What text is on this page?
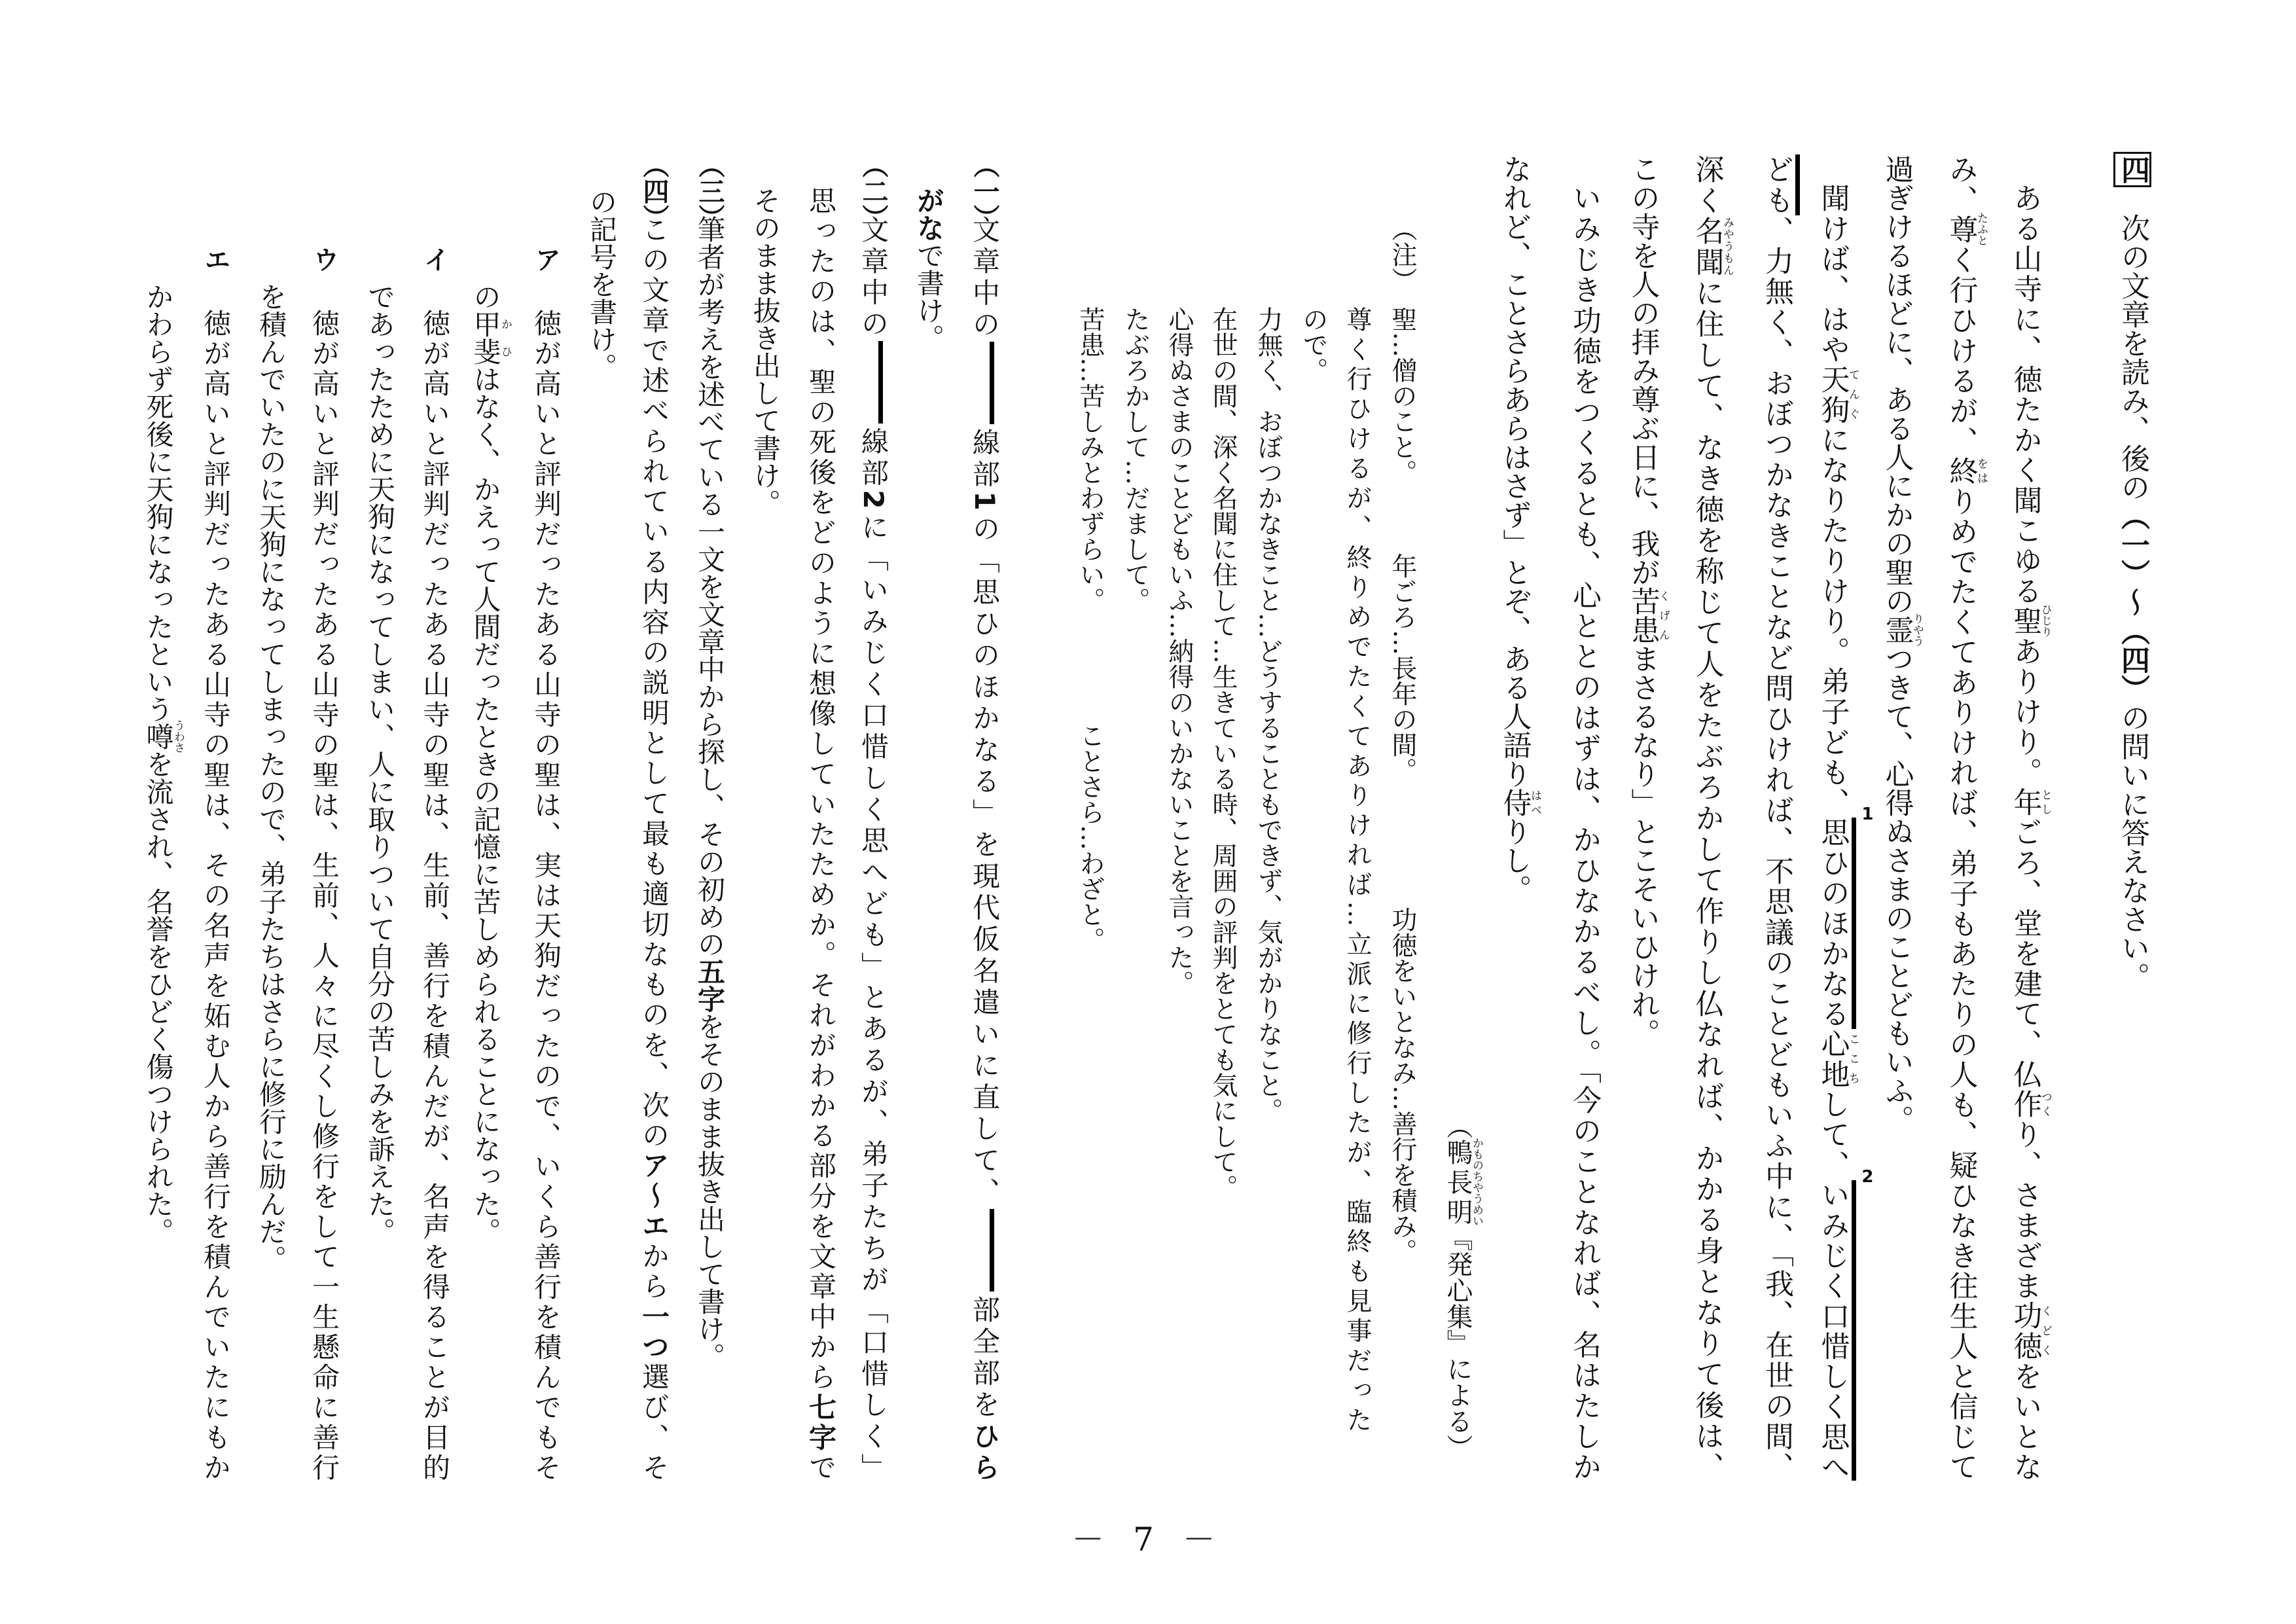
四次の文章を読み、後の（一）～（四）の問いに答えなさい。
ある山寺に、徳たかく聞こゆる聖ひじりありけり。年としごろ、堂を建て、仏作つくり、さまざま功徳くどくをいとな
み、尊たふとく行ひけるが、終をはりめでたくてありければ、弟子もあたりの人も、疑ひなき往生人と信じて
過ぎけるほどに、ある人にかの聖の霊りやうつきて、心得ぬさまのことどもいふ。
聞けば、はや天狗てんぐになりたりけり。弟子ども、思ひのほかなる
1
心地ここちして、いみじく口惜しく思へ
2
ども、力無く、おぼつかなきことなど問ひければ、不思議のことどもいふ中に、「我、在世の間、
深く名聞みやうもんに住して、なき徳を称じて人をたぶろかして作りし仏なれば、かかる身となりて後は、
この寺を人の拝み尊ぶ日に、我が苦患くげんまさるなり」とこそいひけれ。
いみじき功徳をつくるとも、心ととのはずは、かひなかるべし。「今のことなれば、名はたしか
なれど、ことさらあらはさず」とぞ、ある人語り侍はべりし。
（鴨長明かものちやうめい『発心集』による）
（注）
聖…僧のこと。
年ごろ…長年の間。
功徳をいとなみ…善行を積み。
尊く行ひけるが、終りめでたくてありければ…立派に修行したが、臨終も見事だった
ので。
力無く、おぼつかなきこと…どうすることもできず、気がかりなこと。
在世の間、深く名聞に住して…生きている時、周囲の評判をとても気にして。
心得ぬさまのことどもいふ…納得のいかないことを言った。
たぶろかして…だまして。
苦患…苦しみとわずらい。
ことさら…わざと。
（一）
文章中の線部1の「思ひのほかなる」を現代仮名遣いに直して、部全部をひら
がなで書け。
（二）
文章中の線部2に「いみじく口惜しく思へども」とあるが、弟子たちが「口惜しく」
思ったのは、聖の死後をどのように想像していたためか。それがわかる部分を文章中から七字で
そのまま抜き出して書け。
（三）
筆者が考えを述べている一文を文章中から探し、その初めの五字をそのまま抜き出して書け。
（四）
この文章で述べられている内容の説明として最も適切なものを、次のア～エから一つ選び、そ
の記号を書け。
ア
徳が高いと評判だったある山寺の聖は、実は天狗だったので、いくら善行を積んでもそ
の甲斐かひはなく、かえって人間だったときの記憶に苦しめられることになった。
イ
徳が高いと評判だったある山寺の聖は、生前、善行を積んだが、名声を得ることが目的
であったために天狗になってしまい、人に取りついて自分の苦しみを訴えた。
ウ
徳が高いと評判だったある山寺の聖は、生前、人々に尽くし修行をして一生懸命に善行
を積んでいたのに天狗になってしまったので、弟子たちはさらに修行に励んだ。
エ
徳が高いと評判だったある山寺の聖は、その名声を妬む人から善行を積んでいたにもか
かわらず死後に天狗になったという噂うわさを流され、名誉をひどく傷つけられた。
－ 7 －
